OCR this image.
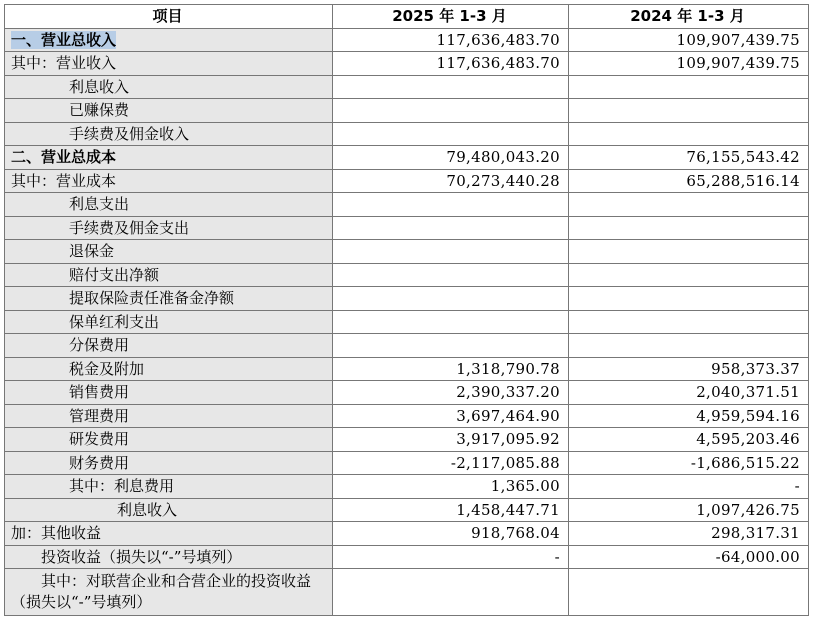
项目	2025 年 1-3 月	2024 年 1-3 月
一、营业总收入	117,636,483.70	109,907,439.75
其中：营业收入	117,636,483.70	109,907,439.75
利息收入		
已赚保费		
手续费及佣金收入		
二、营业总成本	79,480,043.20	76,155,543.42
其中：营业成本	70,273,440.28	65,288,516.14
利息支出		
手续费及佣金支出		
退保金		
赔付支出净额		
提取保险责任准备金净额		
保单红利支出		
分保费用		
税金及附加	1,318,790.78	958,373.37
销售费用	2,390,337.20	2,040,371.51
管理费用	3,697,464.90	4,959,594.16
研发费用	3,917,095.92	4,595,203.46
财务费用	-2,117,085.88	-1,686,515.22
其中：利息费用	1,365.00	-
利息收入	1,458,447.71	1,097,426.75
加：其他收益	918,768.04	298,317.31
投资收益（损失以“-”号填列）	-	-64,000.00
其中：对联营企业和合营企业的投资收益（损失以“-”号填列）		
